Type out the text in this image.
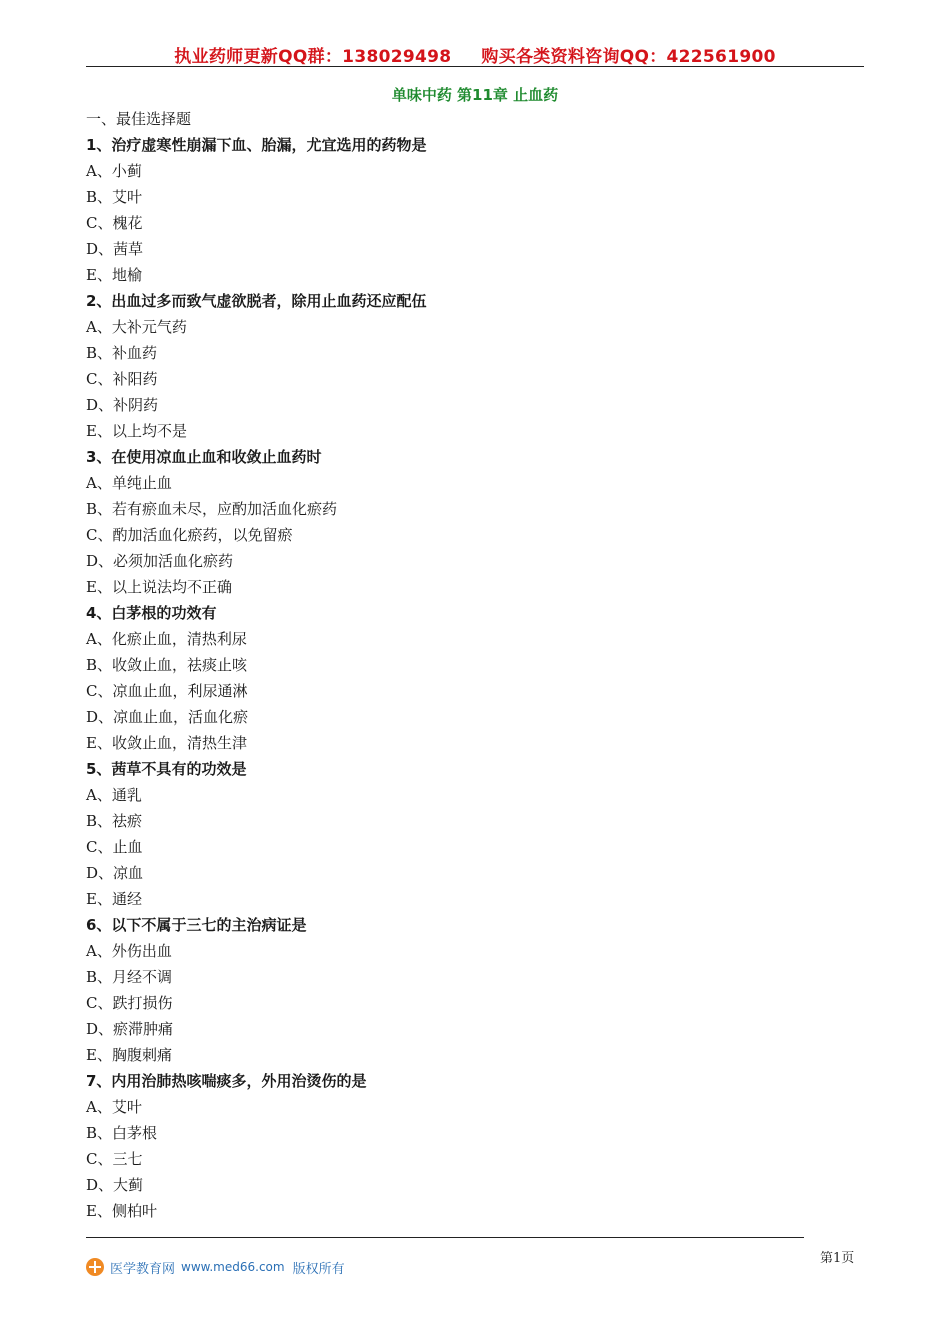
执业药师更新QQ群：138029498 购买各类资料咨询QQ：422561900
单味中药 第11章 止血药
一、最佳选择题
1、治疗虚寒性崩漏下血、胎漏，尤宜选用的药物是
A、小蓟
B、艾叶
C、槐花
D、茜草
E、地榆
2、出血过多而致气虚欲脱者，除用止血药还应配伍
A、大补元气药
B、补血药
C、补阳药
D、补阴药
E、以上均不是
3、在使用凉血止血和收敛止血药时
A、单纯止血
B、若有瘀血未尽，应酌加活血化瘀药
C、酌加活血化瘀药，以免留瘀
D、必须加活血化瘀药
E、以上说法均不正确
4、白茅根的功效有
A、化瘀止血，清热利尿
B、收敛止血，祛痰止咳
C、凉血止血，利尿通淋
D、凉血止血，活血化瘀
E、收敛止血，清热生津
5、茜草不具有的功效是
A、通乳
B、祛瘀
C、止血
D、凉血
E、通经
6、以下不属于三七的主治病证是
A、外伤出血
B、月经不调
C、跌打损伤
D、瘀滞肿痛
E、胸腹刺痛
7、内用治肺热咳喘痰多，外用治烫伤的是
A、艾叶
B、白茅根
C、三七
D、大蓟
E、侧柏叶
医学教育网 www.med66.com 版权所有
第1页
